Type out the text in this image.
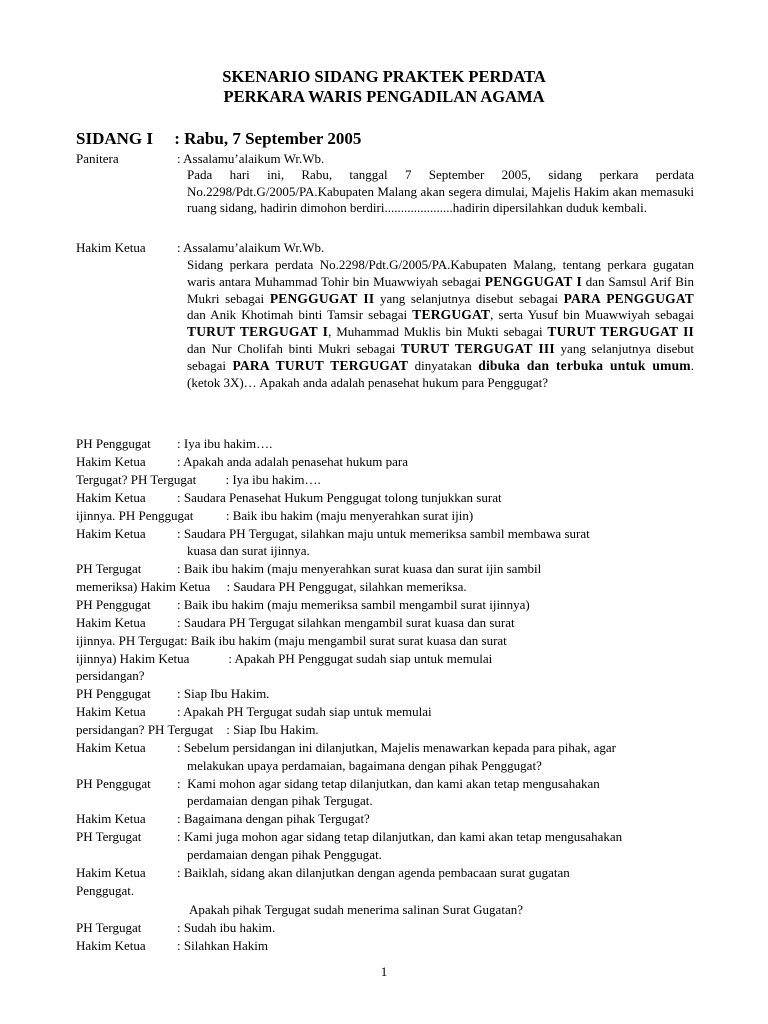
SKENARIO SIDANG PRAKTEK PERDATA
PERKARA WARIS PENGADILAN AGAMA
SIDANG I     : Rabu, 7 September 2005
Panitera	: Assalamu’alaikum Wr.Wb.
Pada hari ini, Rabu, tanggal 7 September 2005, sidang perkara perdata No.2298/Pdt.G/2005/PA.Kabupaten Malang akan segera dimulai, Majelis Hakim akan memasuki ruang sidang, hadirin dimohon berdiri.....................hadirin dipersilahkan duduk kembali.
Hakim Ketua : Assalamu’alaikum Wr.Wb.
Sidang perkara perdata No.2298/Pdt.G/2005/PA.Kabupaten Malang, tentang perkara gugatan waris antara Muhammad Tohir bin Muawwiyah sebagai PENGGUGAT I dan Samsul Arif Bin Mukri sebagai PENGGUGAT II yang selanjutnya disebut sebagai PARA PENGGUGAT dan Anik Khotimah binti Tamsir sebagai TERGUGAT, serta Yusuf bin Muawwiyah sebagai TURUT TERGUGAT I, Muhammad Muklis bin Mukti sebagai TURUT TERGUGAT II dan Nur Cholifah binti Mukri sebagai TURUT TERGUGAT III yang selanjutnya disebut sebagai PARA TURUT TERGUGAT dinyatakan dibuka dan terbuka untuk umum. (ketok 3X)… Apakah anda adalah penasehat hukum para Penggugat?
PH Penggugat : Iya ibu hakim….
Hakim Ketua : Apakah anda adalah penasehat hukum para
Tergugat? PH Tergugat         : Iya ibu hakim….
Hakim Ketua : Saudara Penasehat Hukum Penggugat tolong tunjukkan surat
ijinnya. PH Penggugat          : Baik ibu hakim (maju menyerahkan surat ijin)
Hakim Ketua : Saudara PH Tergugat, silahkan maju untuk memeriksa sambil membawa surat
kuasa dan surat ijinnya.
PH Tergugat	: Baik ibu hakim (maju menyerahkan surat kuasa dan surat ijin sambil
memeriksa) Hakim Ketua     : Saudara PH Penggugat, silahkan memeriksa.
PH Penggugat : Baik ibu hakim (maju memeriksa sambil mengambil surat ijinnya)
Hakim Ketua : Saudara PH Tergugat silahkan mengambil surat kuasa dan surat
ijinnya. PH Tergugat: Baik ibu hakim (maju mengambil surat surat kuasa dan surat
ijinnya) Hakim Ketua            : Apakah PH Penggugat sudah siap untuk memulai
persidangan?
PH Penggugat : Siap Ibu Hakim.
Hakim Ketua : Apakah PH Tergugat sudah siap untuk memulai
persidangan? PH Tergugat    : Siap Ibu Hakim.
Hakim Ketua : Sebelum persidangan ini dilanjutkan, Majelis menawarkan kepada para pihak, agar
melakukan upaya perdamaian, bagaimana dengan pihak Penggugat?
PH Penggugat :  Kami mohon agar sidang tetap dilanjutkan, dan kami akan tetap mengusahakan
perdamaian dengan pihak Tergugat.
Hakim Ketua : Bagaimana dengan pihak Tergugat?
PH Tergugat	: Kami juga mohon agar sidang tetap dilanjutkan, dan kami akan tetap mengusahakan
perdamaian dengan pihak Penggugat.
Hakim Ketua : Baiklah, sidang akan dilanjutkan dengan agenda pembacaan surat gugatan
Penggugat.
Apakah pihak Tergugat sudah menerima salinan Surat Gugatan?
PH Tergugat	: Sudah ibu hakim.
Hakim Ketua : Silahkan Hakim
1
